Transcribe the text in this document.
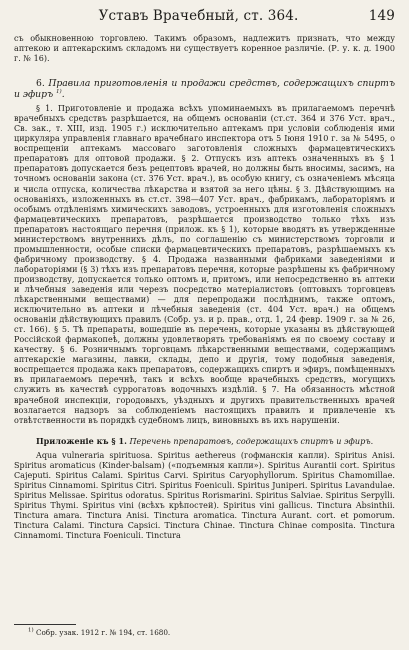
Уставъ Врачебный, ст. 364.	149

съ обыкновенною торговлею. Такимъ образомъ, надлежитъ признать, что между аптекою и аптекарскимъ складомъ ни существуетъ коренное различіе. (Р. у. к. д. 1900 г. № 16).

6. Правила приготовленія и продажи средствъ, содержащихъ спиртъ и эфиръ $^{1)}$.

§ 1. Приготовленіе и продажа всѣхъ упоминаемыхъ въ прилагаемомъ перечнѣ врачебныхъ средствъ разрѣшается, на общемъ основаніи (ст.ст. 364 и 376 Уст. врач., Св. зак., т. XIII, изд. 1905 г.) исключительно аптекамъ при условіи соблюденія ими циркуляра управленія главнаго врачебнаго инспектора отъ 5 Іюня 1910 г. за № 5495, о воспрещеніи аптекамъ массоваго заготовленія сложныхъ фармацевтическихъ препаратовъ для оптовой продажи. § 2. Отпускъ изъ аптекъ означенныхъ въ § 1 препаратовъ допускается безъ рецептовъ врачей, но должны быть вносимы, засимъ, на точномъ основаніи закона (ст. 376 Уст. врач.), въ особую книгу, съ означеніемъ мѣсяца и числа отпуска, количества лѣкарства и взятой за него цѣны. § 3. Дѣйствующимъ на основаніяхъ, изложенныхъ въ ст.ст. 398—407 Уст. врач., фабрикамъ, лабораторіямъ и особымъ отдѣленіямъ химическихъ заводовъ, устроенныхъ для изготовленія сложныхъ фармацевтическихъ препаратовъ, разрѣшается производство только тѣхъ изъ препаратовъ настоящаго перечня (прилож. къ § 1), которые вводятъ въ утвержденные министерствомъ внутреннихъ дѣлъ, по соглашенію съ министерствомъ торговли и промышленности, особые списки фармацевтическихъ препаратовъ, разрѣшаемыхъ къ фабричному производству. § 4. Продажа названными фабриками заведеніями и лабораторіями (§ 3) тѣхъ изъ препаратовъ перечня, которые разрѣшены къ фабричному производству, допускается только оптомъ и, притомъ, или непосредственно въ аптеки и лѣчебныя заведенія или черезъ посредство матеріалистовъ (оптовыхъ торговцевъ лѣкарственными веществами) — для перепродажи послѣднимъ, также оптомъ, исключительно въ аптеки и лѣчебныя заведенія (ст. 404 Уст. врач.) на общемъ основаніи дѣйствующихъ правилъ (Собр. уз. и р. прав., отд. 1, 24 февр. 1909 г. за № 26, ст. 166). § 5. Тѣ препараты, вошедшіе въ перечень, которые указаны въ дѣйствующей Россійской фармакопеѣ, должны удовлетворять требованіямъ ея по своему составу и качеству. § 6. Розничнымъ торговцамъ лѣкарственными веществами, содержащимъ аптекарскіе магазины, лавки, склады, депо и другія, тому подобныя заведенія, воспрещается продажа какъ препаратовъ, содержащихъ спиртъ и эфиръ, помѣщенныхъ въ прилагаемомъ перечнѣ, такъ и всѣхъ вообще врачебныхъ средствъ, могущихъ служить въ качествѣ суррогатовъ водочныхъ издѣлій. § 7. На обязанность мѣстной врачебной инспекціи, городовыхъ, уѣздныхъ и другихъ правительственныхъ врачей возлагается надзоръ за соблюденіемъ настоящихъ правилъ и привлеченіе къ отвѣтственности въ порядкѣ судебномъ лицъ, виновныхъ въ ихъ нарушеніи.

Приложеніе къ § 1. Перечень препаратовъ, содержащихъ спиртъ и эфиръ.

Aqua vulneraria spirituosa. Spiritus aethereus (гофманскія капли). Spiritus Anisi. Spiritus aromaticus (Kinder-balsam) («подъемныя капли»). Spiritus Aurantii cort. Spiritus Cajeputi. Spiritus Calami. Spiritus Carvi. Spiritus Caryophyllorum. Spiritus Chamomillae. Spiritus Cinnamomi. Spiritus Citri. Spiritus Foeniculi. Spiritus Juniperi. Spiritus Lavandulae. Spiritus Melissae. Spiritus odoratus. Spiritus Rorismarini. Spiritus Salviae. Spiritus Serpylli. Spiritus Thymi. Spiritus vini (всѣхъ крѣпостей). Spiritus vini gallicus. Tinctura Absinthii. Tinctura amara. Tinctura Anisi. Tinctura aromatica. Tinctura Aurant. cort. et pomorum. Tinctura Calami. Tinctura Capsici. Tinctura Chinae. Tinctura Chinae composita. Tinctura Cinnamomi. Tinctura Foeniculi. Tinctura

$^{1)}$ Собр. узак. 1912 г. № 194, ст. 1680.
